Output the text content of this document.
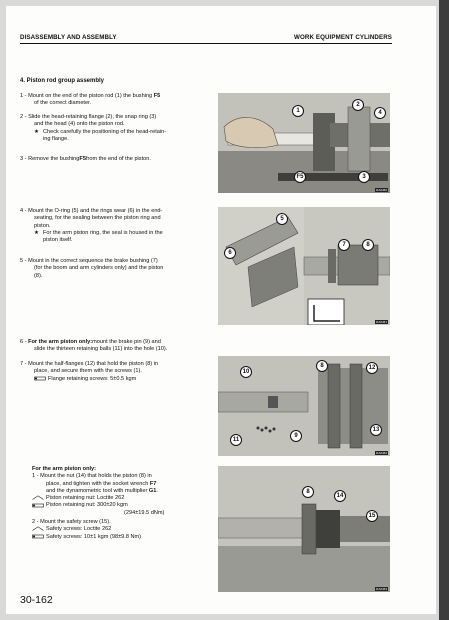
DISASSEMBLY AND ASSEMBLY	WORK EQUIPMENT CYLINDERS
4. Piston rod group assembly
1 - Mount on the end of the piston rod (1) the bushing F5
of the correct diameter.
2 - Slide the head-retaining flange (2), the snap ring (3)
and the head (4) onto the piston rod.
★ Check carefully the positioning of the head-retain-
ing flange.
3 - Remove the bushing F5 from the end of the piston.
1
F5
2
4
3
RA0450
4 - Mount the O-ring (5) and the rings wear (6) in the end-
seating, for the sealing between the piston ring and
piston.
★ For the arm piston ring, the seal is housed in the
piston itself.
5 - Mount in the correct sequence the brake bushing (7)
(for the boom and arm cylinders only) and the piston
(8).
5
6
7	8
RA0451
6 - For the arm piston only: mount the brake pin (9) and
slide the thirteen retaining balls (11) into the hole (10).
7 - Mount the half-flanges (12) that hold the piston (8) in
place, and secure them with the screws (1).
Flange retaining screws: 5±0.5 kgm
10
11
9
8	12
13
RA0452
For the arm piston only:
1 - Mount the nut (14) that holds the piston (8) in
place, and tighten with the socket wrench F7
and the dynamometric tool with multiplier G1.
Piston retaining nut: Loctite 262
Piston retaining nut: 300±20 kgm
(294±19.5 dNm)
2 - Mount the safety screw (15).
Safety screws: Loctite 262
Safety screws: 10±1 kgm (98±9.8 Nm)
8
14
15
RA0453
30-162
